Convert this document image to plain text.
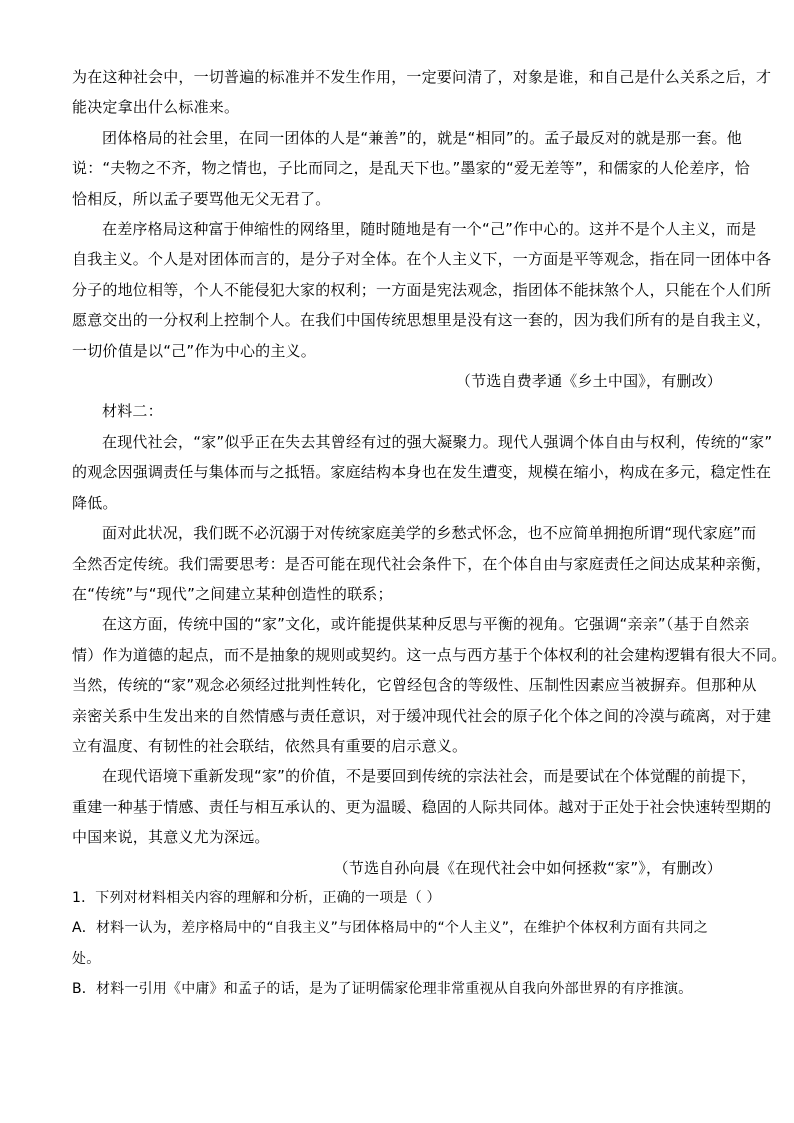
为在这种社会中，一切普遍的标准并不发生作用，一定要问清了，对象是谁，和自己是什么关系之后，才
能决定拿出什么标准来。
团体格局的社会里，在同一团体的人是“兼善”的，就是“相同”的。孟子最反对的就是那一套。他
说：“夫物之不齐，物之情也，子比而同之，是乱天下也。”墨家的“爱无差等”，和儒家的人伦差序，恰
恰相反，所以孟子要骂他无父无君了。
在差序格局这种富于伸缩性的网络里，随时随地是有一个“己”作中心的。这并不是个人主义，而是
自我主义。个人是对团体而言的，是分子对全体。在个人主义下，一方面是平等观念，指在同一团体中各
分子的地位相等，个人不能侵犯大家的权利；一方面是宪法观念，指团体不能抹煞个人，只能在个人们所
愿意交出的一分权利上控制个人。在我们中国传统思想里是没有这一套的，因为我们所有的是自我主义，
一切价值是以“己”作为中心的主义。
（节选自费孝通《乡土中国》，有删改）
材料二：
在现代社会，“家”似乎正在失去其曾经有过的强大凝聚力。现代人强调个体自由与权利，传统的“家”
的观念因强调责任与集体而与之抵牾。家庭结构本身也在发生遭变，规模在缩小，构成在多元，稳定性在
降低。
面对此状况，我们既不必沉溺于对传统家庭美学的乡愁式怀念，也不应简单拥抱所谓“现代家庭”而
全然否定传统。我们需要思考：是否可能在现代社会条件下，在个体自由与家庭责任之间达成某种亲衡，
在“传统”与“现代”之间建立某种创造性的联系；
在这方面，传统中国的“家”文化，或许能提供某种反思与平衡的视角。它强调“亲亲”（基于自然亲
情）作为道德的起点，而不是抽象的规则或契约。这一点与西方基于个体权利的社会建构逻辑有很大不同。
当然，传统的“家”观念必须经过批判性转化，它曾经包含的等级性、压制性因素应当被摒弃。但那种从
亲密关系中生发出来的自然情感与责任意识，对于缓冲现代社会的原子化个体之间的冷漠与疏离，对于建
立有温度、有韧性的社会联结，依然具有重要的启示意义。
在现代语境下重新发现“家”的价值，不是要回到传统的宗法社会，而是要试在个体觉醒的前提下，
重建一种基于情感、责任与相互承认的、更为温暖、稳固的人际共同体。越对于正处于社会快速转型期的
中国来说，其意义尤为深远。
（节选自孙向晨《在现代社会中如何拯救“家”》，有删改）
1．下列对材料相关内容的理解和分析，正确的一项是（ ）
A．材料一认为，差序格局中的“自我主义”与团体格局中的“个人主义”，在维护个体权利方面有共同之
处。
B．材料一引用《中庸》和孟子的话，是为了证明儒家伦理非常重视从自我向外部世界的有序推演。
